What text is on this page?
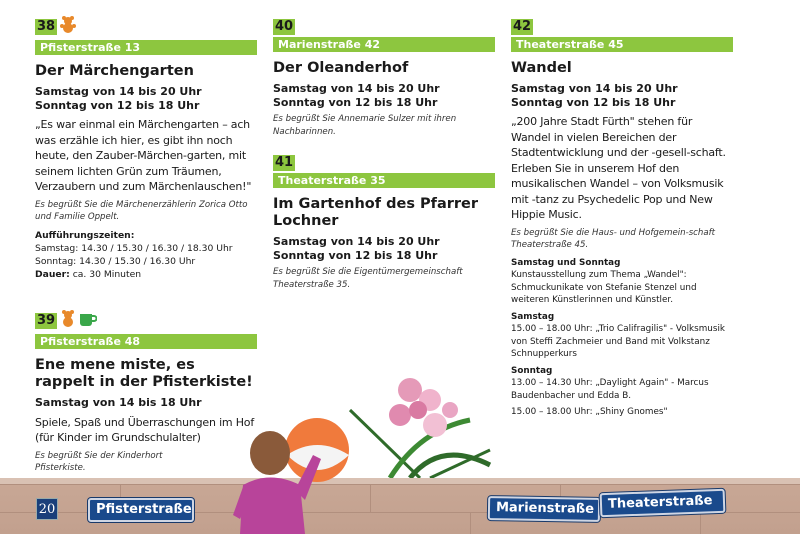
38
Pfisterstraße 13
Der Märchengarten
Samstag von 14 bis 20 Uhr
Sonntag von 12 bis 18 Uhr
„Es war einmal ein Märchengarten – ach was erzähle ich hier, es gibt ihn noch heute, den Zauber-Märchen-garten, mit seinem lichten Grün zum Träumen, Verzaubern und zum Märchenlauschen!"
Es begrüßt Sie die Märchenerzählerin Zorica Otto und Familie Oppelt.
Aufführungszeiten:
Samstag: 14.30 / 15.30 / 16.30 / 18.30 Uhr
Sonntag: 14.30 / 15.30 / 16.30 Uhr
Dauer: ca. 30 Minuten
39
Pfisterstraße 48
Ene mene miste, es rappelt in der Pfisterkiste!
Samstag von 14 bis 18 Uhr
Spiele, Spaß und Überraschungen im Hof (für Kinder im Grundschulalter)
Es begrüßt Sie der Kinderhort Pfisterkiste.
40
Marienstraße 42
Der Oleanderhof
Samstag von 14 bis 20 Uhr
Sonntag von 12 bis 18 Uhr
Es begrüßt Sie Annemarie Sulzer mit ihren Nachbarinnen.
41
Theaterstraße 35
Im Gartenhof des Pfarrer Lochner
Samstag von 14 bis 20 Uhr
Sonntag von 12 bis 18 Uhr
Es begrüßt Sie die Eigentümergemeinschaft Theaterstraße 35.
42
Theaterstraße 45
Wandel
Samstag von 14 bis 20 Uhr
Sonntag von 12 bis 18 Uhr
„200 Jahre Stadt Fürth" stehen für Wandel in vielen Bereichen der Stadtentwicklung und der -gesell-schaft. Erleben Sie in unserem Hof den musikalischen Wandel – von Volksmusik mit -tanz zu Psychedelic Pop und New Hippie Music.
Es begrüßt Sie die Haus- und Hofgemein-schaft Theaterstraße 45.
Samstag und Sonntag
Kunstausstellung zum Thema „Wandel": Schmuckunikate von Stefanie Stenzel und weiteren Künstlerinnen und Künstler.
Samstag
15.00 – 18.00 Uhr: „Trio Califragilis" - Volksmusik von Steffi Zachmeier und Band mit Volkstanz Schnupperkurs
Sonntag
13.00 – 14.30 Uhr: „Daylight Again" - Marcus Baudenbacher und Edda B.
15.00 – 18.00 Uhr: „Shiny Gnomes"
20	Pfisterstraße	Marienstraße	Theaterstraße
